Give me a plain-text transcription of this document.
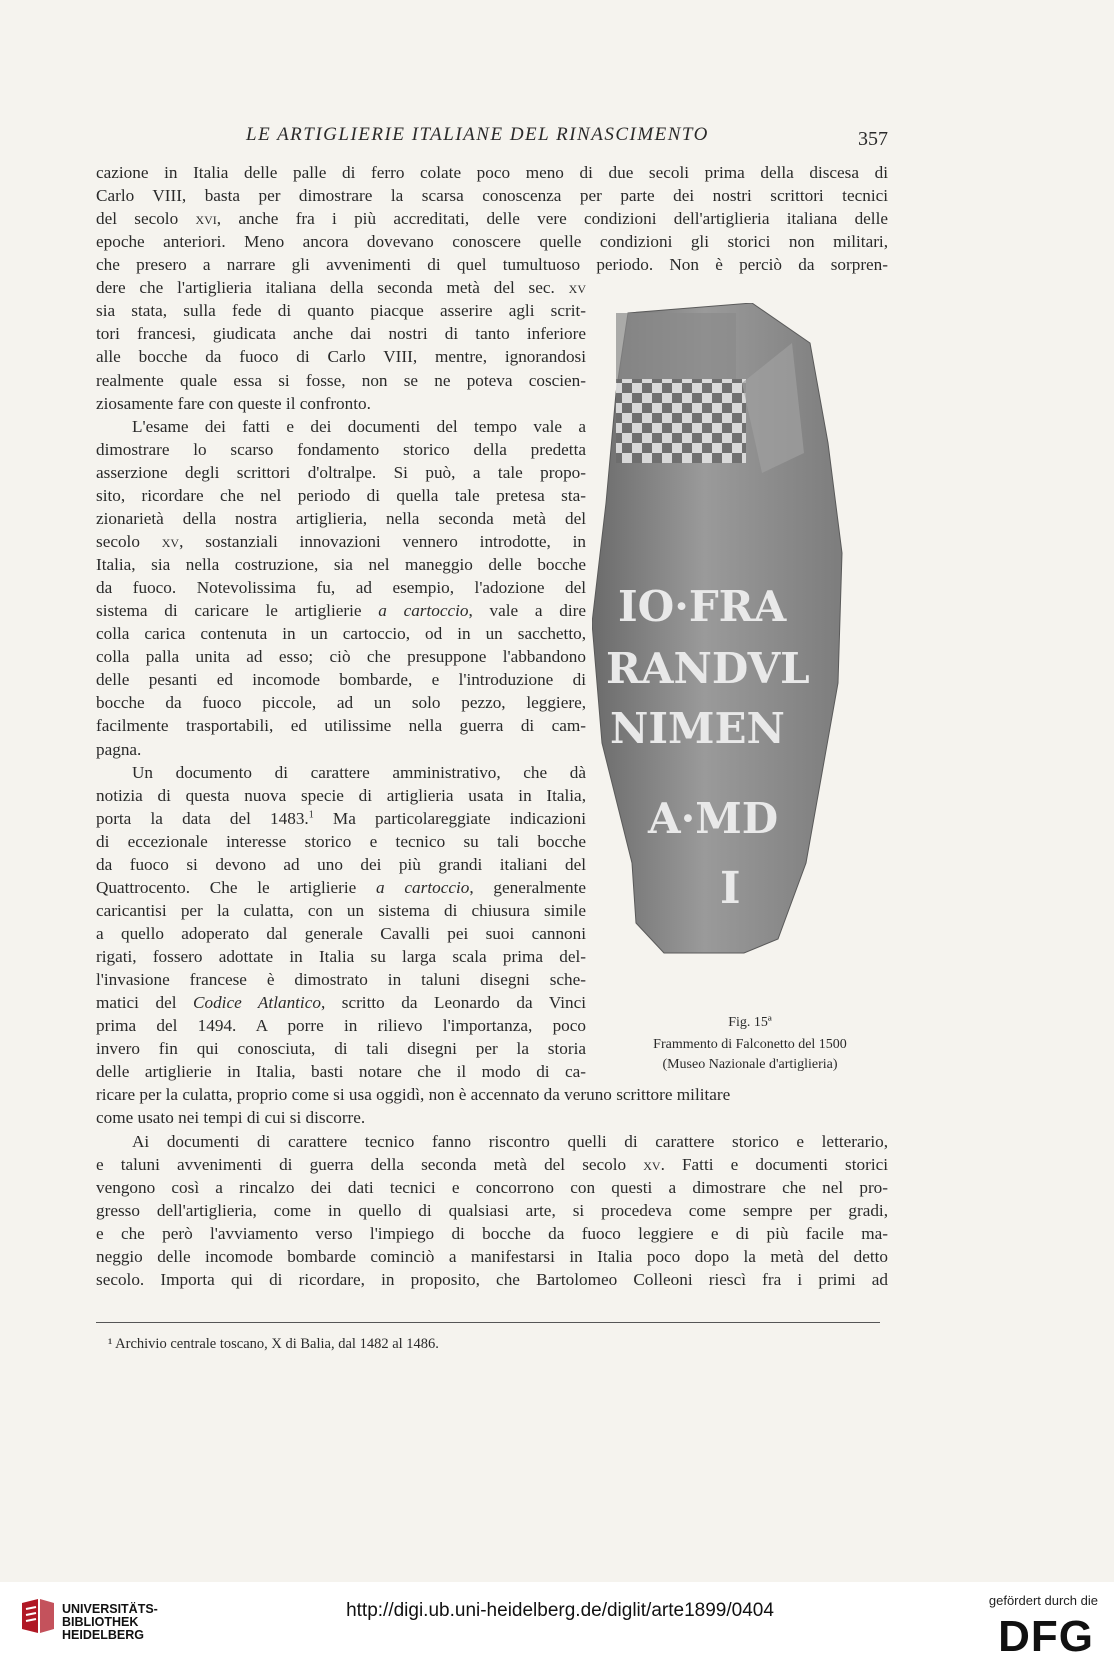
LE ARTIGLIERIE ITALIANE DEL RINASCIMENTO	357
cazione in Italia delle palle di ferro colate poco meno di due secoli prima della discesa di
Carlo VIII, basta per dimostrare la scarsa conoscenza per parte dei nostri scrittori tecnici
del secolo xvi, anche fra i più accreditati, delle vere condizioni dell'artiglieria italiana delle
epoche anteriori. Meno ancora dovevano conoscere quelle condizioni gli storici non militari,
che presero a narrare gli avvenimenti di quel tumultuoso periodo. Non è perciò da sorpren-
dere che l'artiglieria italiana della seconda metà del sec. xv
sia stata, sulla fede di quanto piacque asserire agli scrit-
tori francesi, giudicata anche dai nostri di tanto inferiore
alle bocche da fuoco di Carlo VIII, mentre, ignorandosi
realmente quale essa si fosse, non se ne poteva coscien-
ziosamente fare con queste il confronto.
L'esame dei fatti e dei documenti del tempo vale a
dimostrare lo scarso fondamento storico della predetta
asserzione degli scrittori d'oltralpe. Si può, a tale propo-
sito, ricordare che nel periodo di quella tale pretesa sta-
zionarietà della nostra artiglieria, nella seconda metà del
secolo xv, sostanziali innovazioni vennero introdotte, in
Italia, sia nella costruzione, sia nel maneggio delle bocche
da fuoco. Notevolissima fu, ad esempio, l'adozione del
sistema di caricare le artiglierie a cartoccio, vale a dire
colla carica contenuta in un cartoccio, od in un sacchetto,
colla palla unita ad esso; ciò che presuppone l'abbandono
delle pesanti ed incomode bombarde, e l'introduzione di
bocche da fuoco piccole, ad un solo pezzo, leggiere,
facilmente trasportabili, ed utilissime nella guerra di cam-
pagna.
Un documento di carattere amministrativo, che dà
notizia di questa nuova specie di artiglieria usata in Italia,
porta la data del 1483.$^1$ Ma particolareggiate indicazioni
di eccezionale interesse storico e tecnico su tali bocche
da fuoco si devono ad uno dei più grandi italiani del
Quattrocento. Che le artiglierie a cartoccio, generalmente
caricantisi per la culatta, con un sistema di chiusura simile
a quello adoperato dal generale Cavalli pei suoi cannoni
rigati, fossero adottate in Italia su larga scala prima del-
l'invasione francese è dimostrato in taluni disegni sche-
matici del Codice Atlantico, scritto da Leonardo da Vinci
prima del 1494. A porre in rilievo l'importanza, poco
invero fin qui conosciuta, di tali disegni per la storia
delle artiglierie in Italia, basti notare che il modo di ca-
ricare per la culatta, proprio come si usa oggidì, non è accennato da veruno scrittore militare
come usato nei tempi di cui si discorre.
Ai documenti di carattere tecnico fanno riscontro quelli di carattere storico e letterario,
e taluni avvenimenti di guerra della seconda metà del secolo xv. Fatti e documenti storici
vengono così a rincalzo dei dati tecnici e concorrono con questi a dimostrare che nel pro-
gresso dell'artiglieria, come in quello di qualsiasi arte, si procedeva come sempre per gradi,
e che però l'avviamento verso l'impiego di bocche da fuoco leggiere e di più facile ma-
neggio delle incomode bombarde cominciò a manifestarsi in Italia poco dopo la metà del detto
secolo. Importa qui di ricordare, in proposito, che Bartolomeo Colleoni riescì fra i primi ad
IO·FRA
RANDVL
NIMEN
A·MD
I
Fig. 15ª
Frammento di Falconetto del 1500
(Museo Nazionale d'artiglieria)
¹ Archivio centrale toscano, X di Balia, dal 1482 al 1486.
UNIVERSITÄTS-
BIBLIOTHEK
HEIDELBERG
http://digi.ub.uni-heidelberg.de/diglit/arte1899/0404	gefördert durch die
DFG
